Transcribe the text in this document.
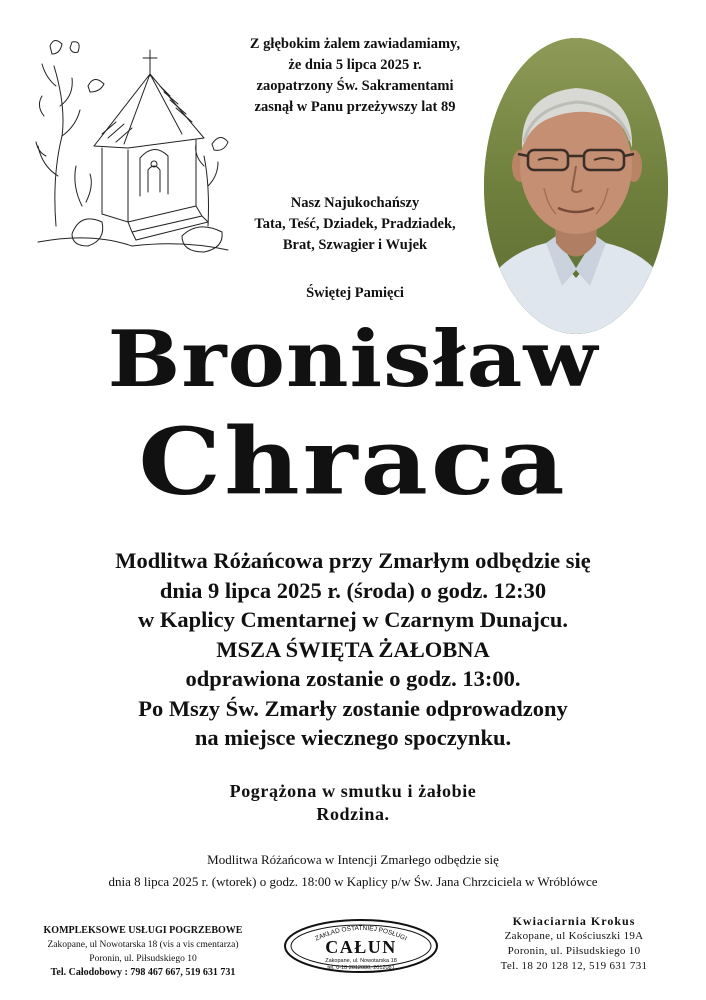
Z głębokim żalem zawiadamiamy,
że dnia 5 lipca 2025 r.
zaopatrzony Św. Sakramentami
zasnął w Panu przeżywszy lat 89
Nasz Najukochańszy
Tata, Teść, Dziadek, Pradziadek,
Brat, Szwagier i Wujek
Świętej Pamięci
Bronisław
Chraca
Modlitwa Różańcowa przy Zmarłym odbędzie się
dnia 9 lipca 2025 r. (środa) o godz. 12:30
w Kaplicy Cmentarnej w Czarnym Dunajcu.
MSZA ŚWIĘTA ŻAŁOBNA
odprawiona zostanie o godz. 13:00.
Po Mszy Św. Zmarły zostanie odprowadzony
na miejsce wiecznego spoczynku.
Pogrążona w smutku i żałobie
Rodzina.
Modlitwa Różańcowa w Intencji Zmarłego odbędzie się
dnia 8 lipca 2025 r. (wtorek) o godz. 18:00 w Kaplicy p/w Św. Jana Chrzciciela w Wróblówce
KOMPLEKSOWE USŁUGI POGRZEBOWE
Zakopane, ul Nowotarska 18 (vis a vis cmentarza)
Poronin, ul. Piłsudskiego 10
Tel. Całodobowy : 798 467 667, 519 631 731
ZAKŁAD OSTATNIEJ POSŁUGI
CAŁUN
Zakopane, ul. Nowotarska 18
tel. 0-18 2012080, 2012081
Kwiaciarnia Krokus
Zakopane, ul Kościuszki 19A
Poronin, ul. Piłsudskiego 10
Tel. 18 20 128 12, 519 631 731
